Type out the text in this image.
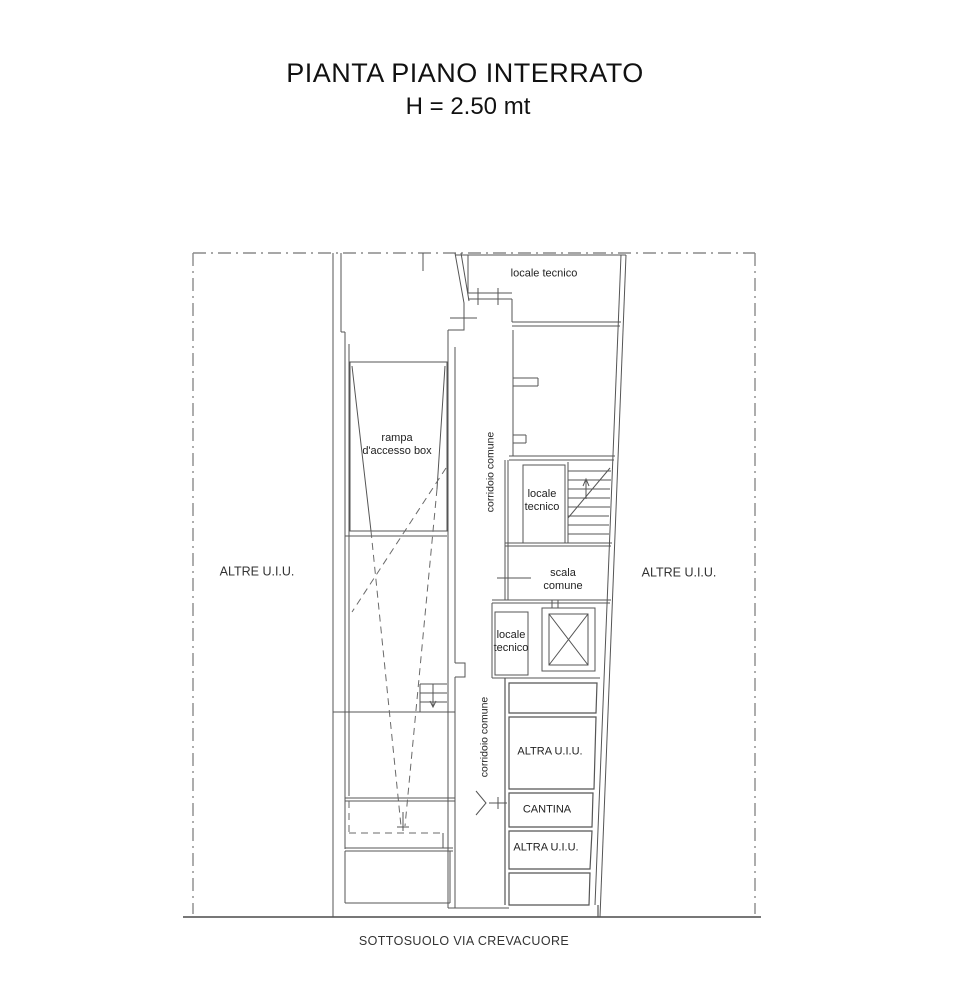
PIANTA PIANO INTERRATO
H = 2.50 mt
locale tecnico
rampa
d'accesso box	corridoio comune	locale
tecnico
scala
comune
ALTRE U.I.U.	ALTRE U.I.U.
locale
tecnico
corridoio comune ALTRA U.I.U.
CANTINA
ALTRA U.I.U.
SOTTOSUOLO VIA CREVACUORE
